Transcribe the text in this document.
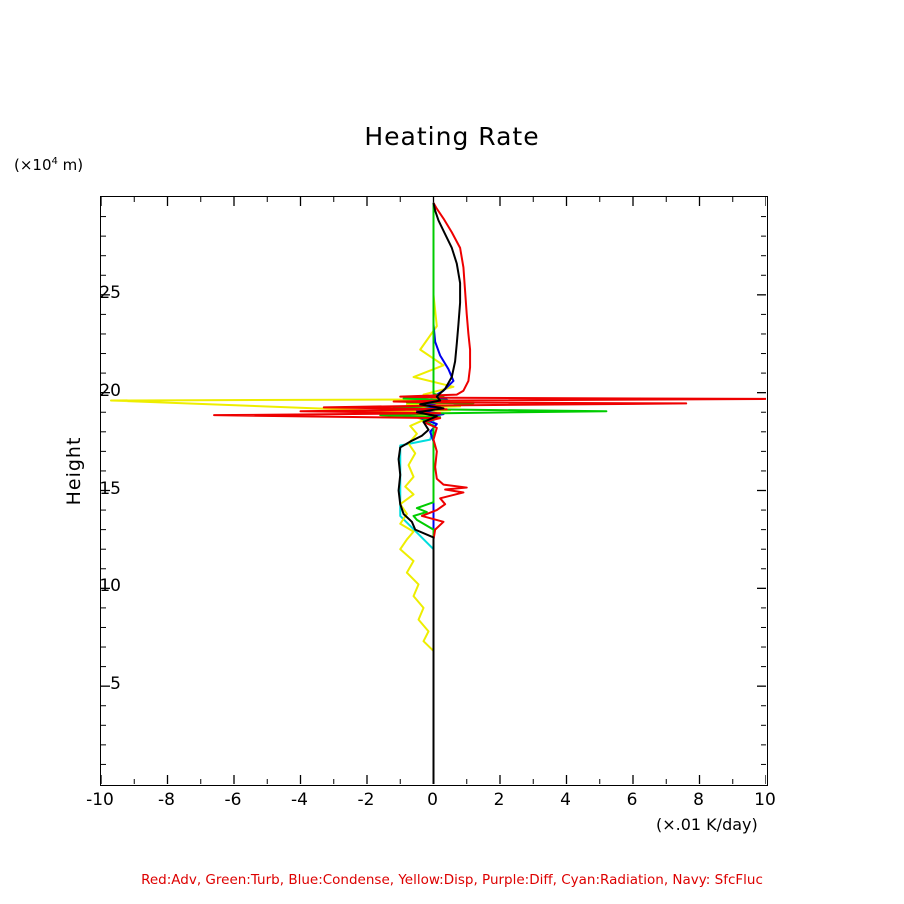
($\times 10^4$ m)
Heating Rate
Height
5
10
15
20
25
-10	-8	-6	-4	-2	0	2	4	6	8	10
(×.01 K/day)
Red:Adv, Green:Turb, Blue:Condense, Yellow:Disp, Purple:Diff, Cyan:Radiation, Navy: SfcFluc
